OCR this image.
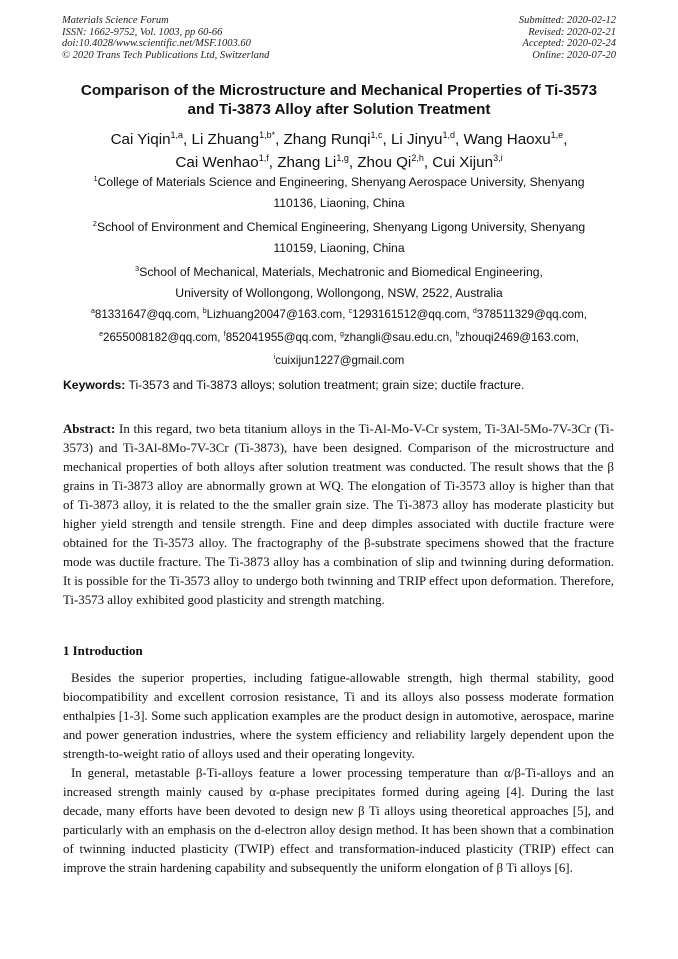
Materials Science Forum
ISSN: 1662-9752, Vol. 1003, pp 60-66
doi:10.4028/www.scientific.net/MSF.1003.60
© 2020 Trans Tech Publications Ltd, Switzerland
Submitted: 2020-02-12
Revised: 2020-02-21
Accepted: 2020-02-24
Online: 2020-07-20
Comparison of the Microstructure and Mechanical Properties of Ti-3573
and Ti-3873 Alloy after Solution Treatment
Cai Yiqin$^{1,a}$, Li Zhuang$^{1,b*}$, Zhang Runqi$^{1,c}$, Li Jinyu$^{1,d}$, Wang Haoxu$^{1,e}$,
Cai Wenhao$^{1,f}$, Zhang Li$^{1,g}$, Zhou Qi$^{2,h}$, Cui Xijun$^{3,i}$
$^1$College of Materials Science and Engineering, Shenyang Aerospace University, Shenyang
110136, Liaoning, China
$^2$School of Environment and Chemical Engineering, Shenyang Ligong University, Shenyang
110159, Liaoning, China
$^3$School of Mechanical, Materials, Mechatronic and Biomedical Engineering,
University of Wollongong, Wollongong, NSW, 2522, Australia
$^a$81331647@qq.com, $^b$Lizhuang20047@163.com, $^c$1293161512@qq.com, $^d$378511329@qq.com,
$^e$2655008182@qq.com, $^f$852041955@qq.com, $^g$zhangli@sau.edu.cn, $^h$zhouqi2469@163.com,
$^i$cuixijun1227@gmail.com
Keywords: Ti-3573 and Ti-3873 alloys; solution treatment; grain size; ductile fracture.
Abstract: In this regard, two beta titanium alloys in the Ti-Al-Mo-V-Cr system, Ti-3Al-5Mo-7V-3Cr (Ti-3573) and Ti-3Al-8Mo-7V-3Cr (Ti-3873), have been designed. Comparison of the microstructure and mechanical properties of both alloys after solution treatment was conducted. The result shows that the β grains in Ti-3873 alloy are abnormally grown at WQ. The elongation of Ti-3573 alloy is higher than that of Ti-3873 alloy, it is related to the the smaller grain size. The Ti-3873 alloy has moderate plasticity but higher yield strength and tensile strength. Fine and deep dimples associated with ductile fracture were obtained for the Ti-3573 alloy. The fractography of the β-substrate specimens showed that the fracture mode was ductile fracture. The Ti-3873 alloy has a combination of slip and twinning during deformation. It is possible for the Ti-3573 alloy to undergo both twinning and TRIP effect upon deformation. Therefore, Ti-3573 alloy exhibited good plasticity and strength matching.
1 Introduction
Besides the superior properties, including fatigue-allowable strength, high thermal stability, good biocompatibility and excellent corrosion resistance, Ti and its alloys also possess moderate formation enthalpies [1-3]. Some such application examples are the product design in automotive, aerospace, marine and power generation industries, where the system efficiency and reliability largely dependent upon the strength-to-weight ratio of alloys used and their operating longevity.
In general, metastable β-Ti-alloys feature a lower processing temperature than α/β-Ti-alloys and an increased strength mainly caused by α-phase precipitates formed during ageing [4]. During the last decade, many efforts have been devoted to design new β Ti alloys using theoretical approaches [5], and particularly with an emphasis on the d-electron alloy design method. It has been shown that a combination of twinning inducted plasticity (TWIP) effect and transformation-induced plasticity (TRIP) effect can improve the strain hardening capability and subsequently the uniform elongation of β Ti alloys [6].
